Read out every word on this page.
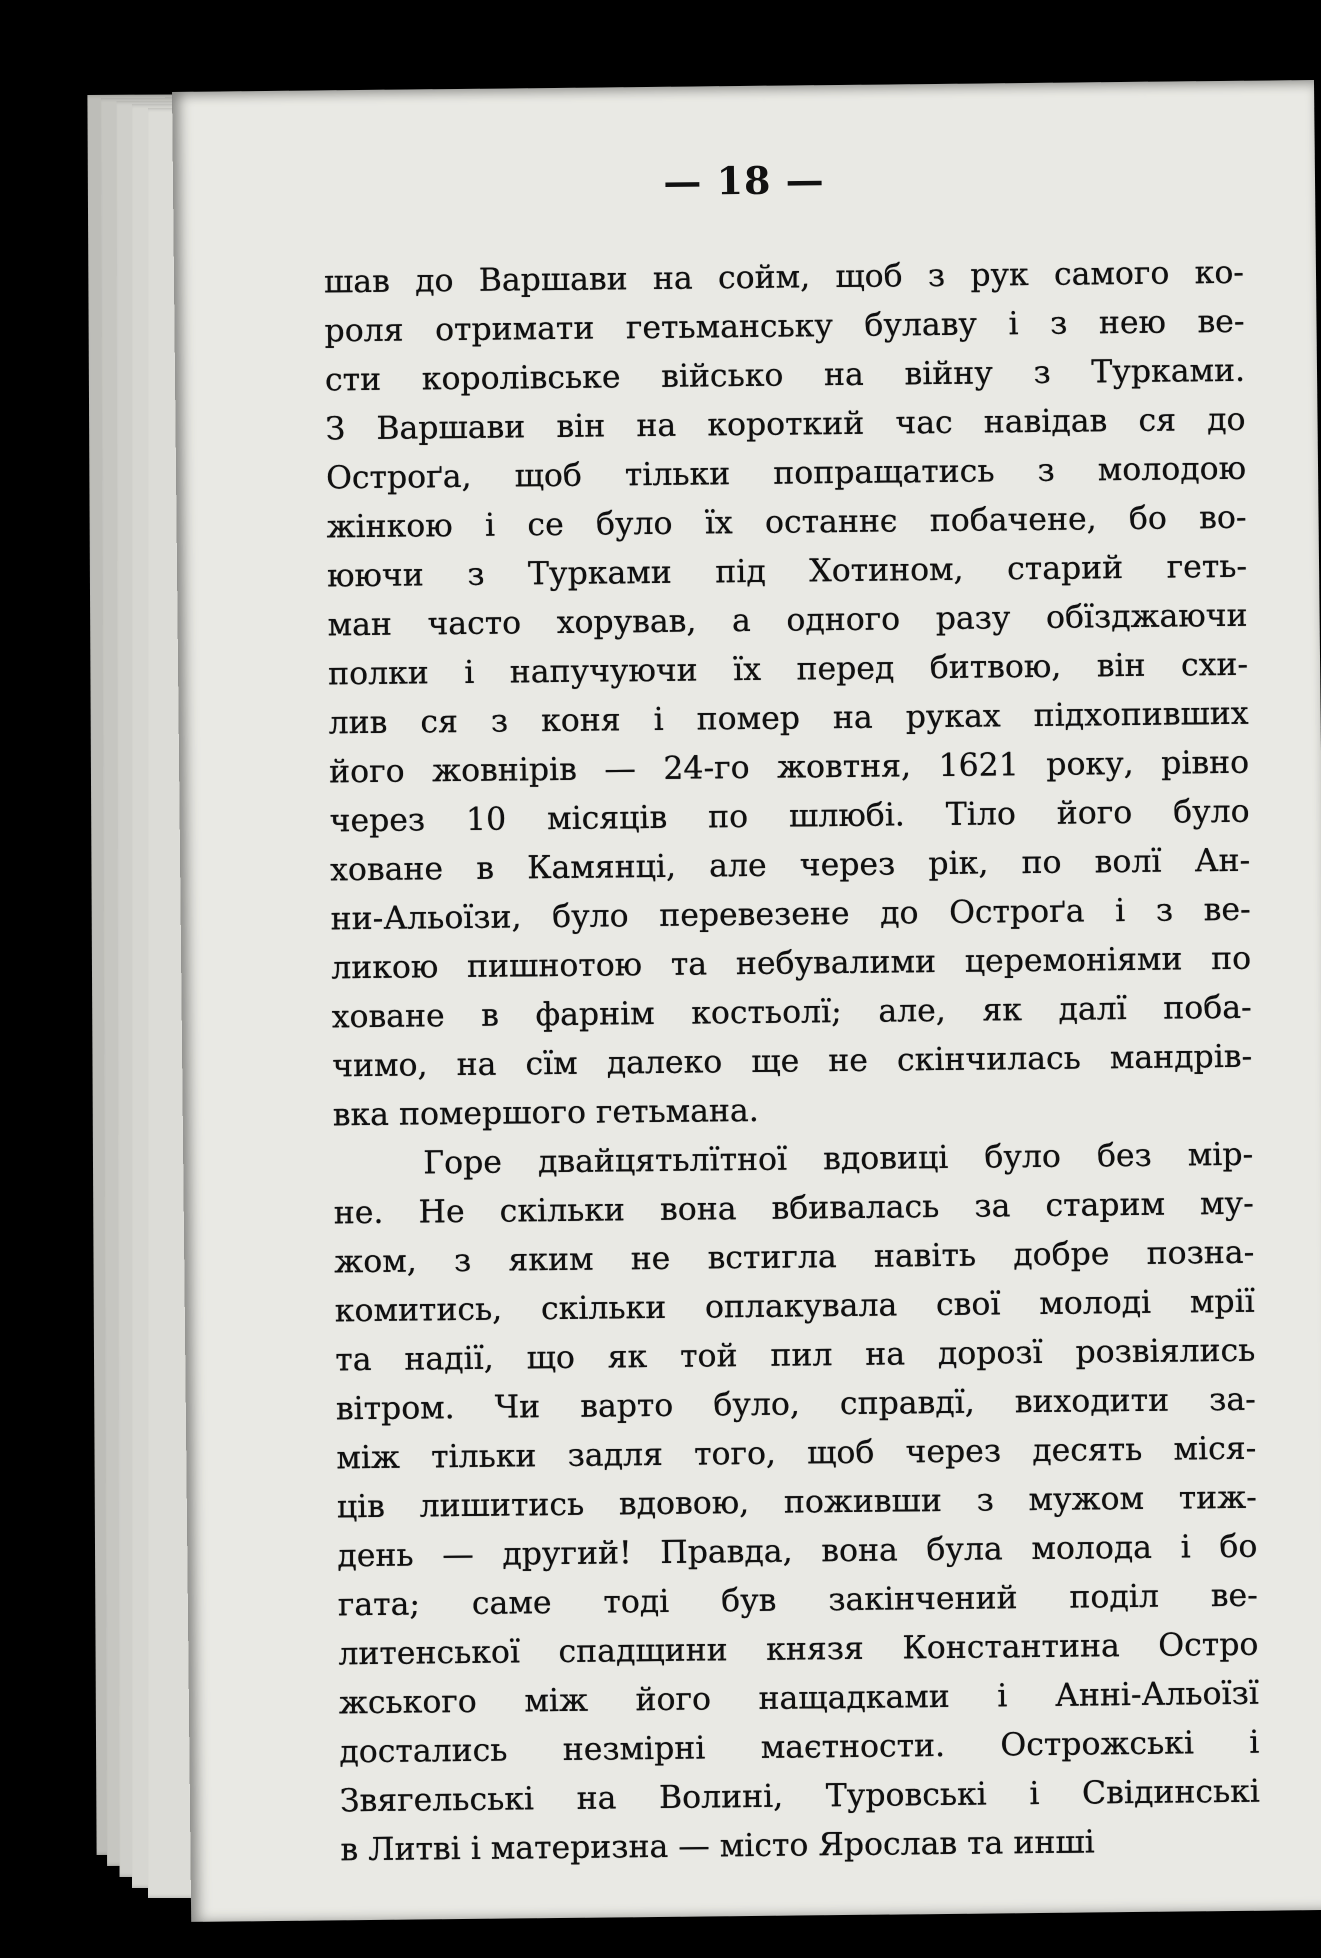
— 18 —
шав до Варшави на сойм, щоб з рук самого ко-
роля отримати гетьманську булаву і з нею ве-
сти королівське військо на війну з Турками.
З Варшави він на короткий час навідав ся до
Остроґа, щоб тільки попращатись з молодою
жінкою і се було їх останнє побачене, бо во-
юючи з Турками під Хотином, старий геть-
ман часто хорував, а одного разу обїзджаючи
полки і напучуючи їх перед битвою, він схи-
лив ся з коня і помер на руках підхопивших
його жовнірів — 24-го жовтня, 1621 року, рівно
через 10 місяців по шлюбі. Тіло його було
ховане в Камянці, але через рік, по волї Ан-
ни-Альоїзи, було перевезене до Остроґа і з ве-
ликою пишнотою та небувалими церемоніями по
ховане в фарнім костьолї; але, як далї поба-
чимо, на сїм далеко ще не скінчилась мандрів-
вка помершого гетьмана.
Горе двайцятьлїтної вдовиці було без мір-
не. Не скільки вона вбивалась за старим му-
жом, з яким не встигла навіть добре позна-
комитись, скільки оплакувала свої молоді мрії
та надії, що як той пил на дорозї розвіялись
вітром. Чи варто було, справдї, виходити за-
між тільки задля того, щоб через десять міся-
ців лишитись вдовою, поживши з мужом тиж-
день — другий! Правда, вона була молода і бо
гата; саме тоді був закінчений поділ ве-
литенської спадщини князя Константина Остро
жського між його нащадками і Анні-Альоїзї
достались незмірні маєтности. Острожські і
Звягельські на Волині, Туровські і Свідинські
в Литві і материзна — місто Ярослав та инші
